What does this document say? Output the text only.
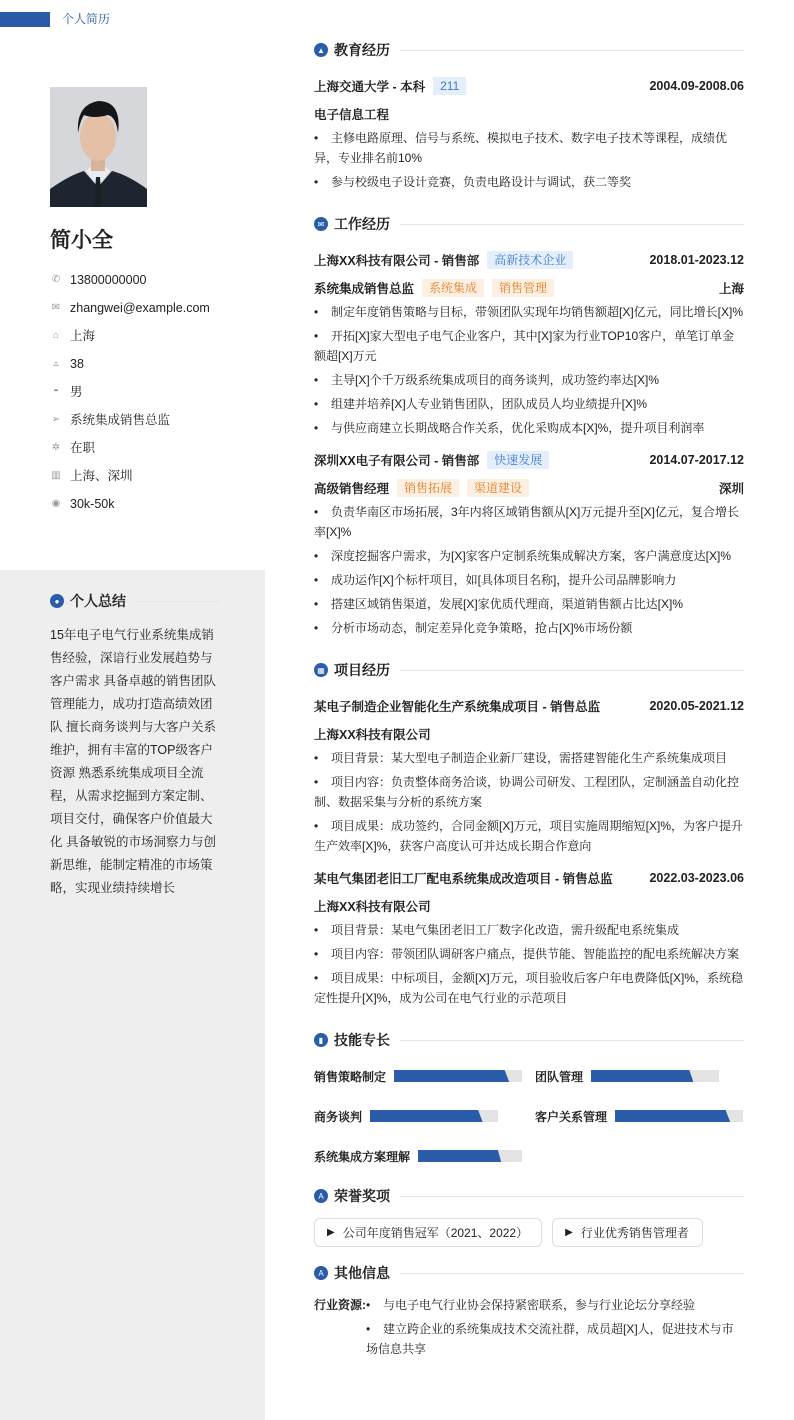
个人简历
简小全
✆ 13800000000
✉ zhangwei@example.com
⌂ 上海
▵ 38
◓ 男
➢ 系统集成销售总监
✲ 在职
▥ 上海、深圳
◉ 30k-50k
● 个人总结
15年电子电气行业系统集成销售经验，深谙行业发展趋势与客户需求 具备卓越的销售团队管理能力，成功打造高绩效团队 擅长商务谈判与大客户关系维护，拥有丰富的TOP级客户资源 熟悉系统集成项目全流程，从需求挖掘到方案定制、项目交付，确保客户价值最大化 具备敏锐的市场洞察力与创新思维，能制定精准的市场策略，实现业绩持续增长
▲ 教育经历
上海交通大学 - 本科	211	2004.09-2008.06
电子信息工程
• 主修电路原理、信号与系统、模拟电子技术、数字电子技术等课程，成绩优异，专业排名前10%
• 参与校级电子设计竞赛，负责电路设计与调试，获二等奖
✉ 工作经历
上海XX科技有限公司 - 销售部	高新技术企业	2018.01-2023.12
系统集成销售总监	系统集成	销售管理	上海
• 制定年度销售策略与目标，带领团队实现年均销售额超[X]亿元，同比增长[X]%
• 开拓[X]家大型电子电气企业客户，其中[X]家为行业TOP10客户，单笔订单金额超[X]万元
• 主导[X]个千万级系统集成项目的商务谈判，成功签约率达[X]%
• 组建并培养[X]人专业销售团队，团队成员人均业绩提升[X]%
• 与供应商建立长期战略合作关系，优化采购成本[X]%，提升项目利润率
深圳XX电子有限公司 - 销售部	快速发展	2014.07-2017.12
高级销售经理	销售拓展	渠道建设	深圳
• 负责华南区市场拓展，3年内将区域销售额从[X]万元提升至[X]亿元，复合增长率[X]%
• 深度挖掘客户需求，为[X]家客户定制系统集成解决方案，客户满意度达[X]%
• 成功运作[X]个标杆项目，如[具体项目名称]，提升公司品牌影响力
• 搭建区域销售渠道，发展[X]家优质代理商，渠道销售额占比达[X]%
• 分析市场动态，制定差异化竞争策略，抢占[X]%市场份额
▦ 项目经历
某电子制造企业智能化生产系统集成项目 - 销售总监	2020.05-2021.12
上海XX科技有限公司
• 项目背景：某大型电子制造企业新厂建设，需搭建智能化生产系统集成项目
• 项目内容：负责整体商务洽谈，协调公司研发、工程团队，定制涵盖自动化控制、数据采集与分析的系统方案
• 项目成果：成功签约，合同金额[X]万元，项目实施周期缩短[X]%，为客户提升生产效率[X]%，获客户高度认可并达成长期合作意向
某电气集团老旧工厂配电系统集成改造项目 - 销售总监	2022.03-2023.06
上海XX科技有限公司
• 项目背景：某电气集团老旧工厂数字化改造，需升级配电系统集成
• 项目内容：带领团队调研客户痛点，提供节能、智能监控的配电系统解决方案
• 项目成果：中标项目，金额[X]万元，项目验收后客户年电费降低[X]%，系统稳定性提升[X]%，成为公司在电气行业的示范项目
▮ 技能专长
销售策略制定	团队管理
商务谈判	客户关系管理
系统集成方案理解
A 荣誉奖项
▶ 公司年度销售冠军（2021、2022）	▶ 行业优秀销售管理者
A 其他信息
行业资源:	• 与电子电气行业协会保持紧密联系，参与行业论坛分享经验
• 建立跨企业的系统集成技术交流社群，成员超[X]人，促进技术与市场信息共享
